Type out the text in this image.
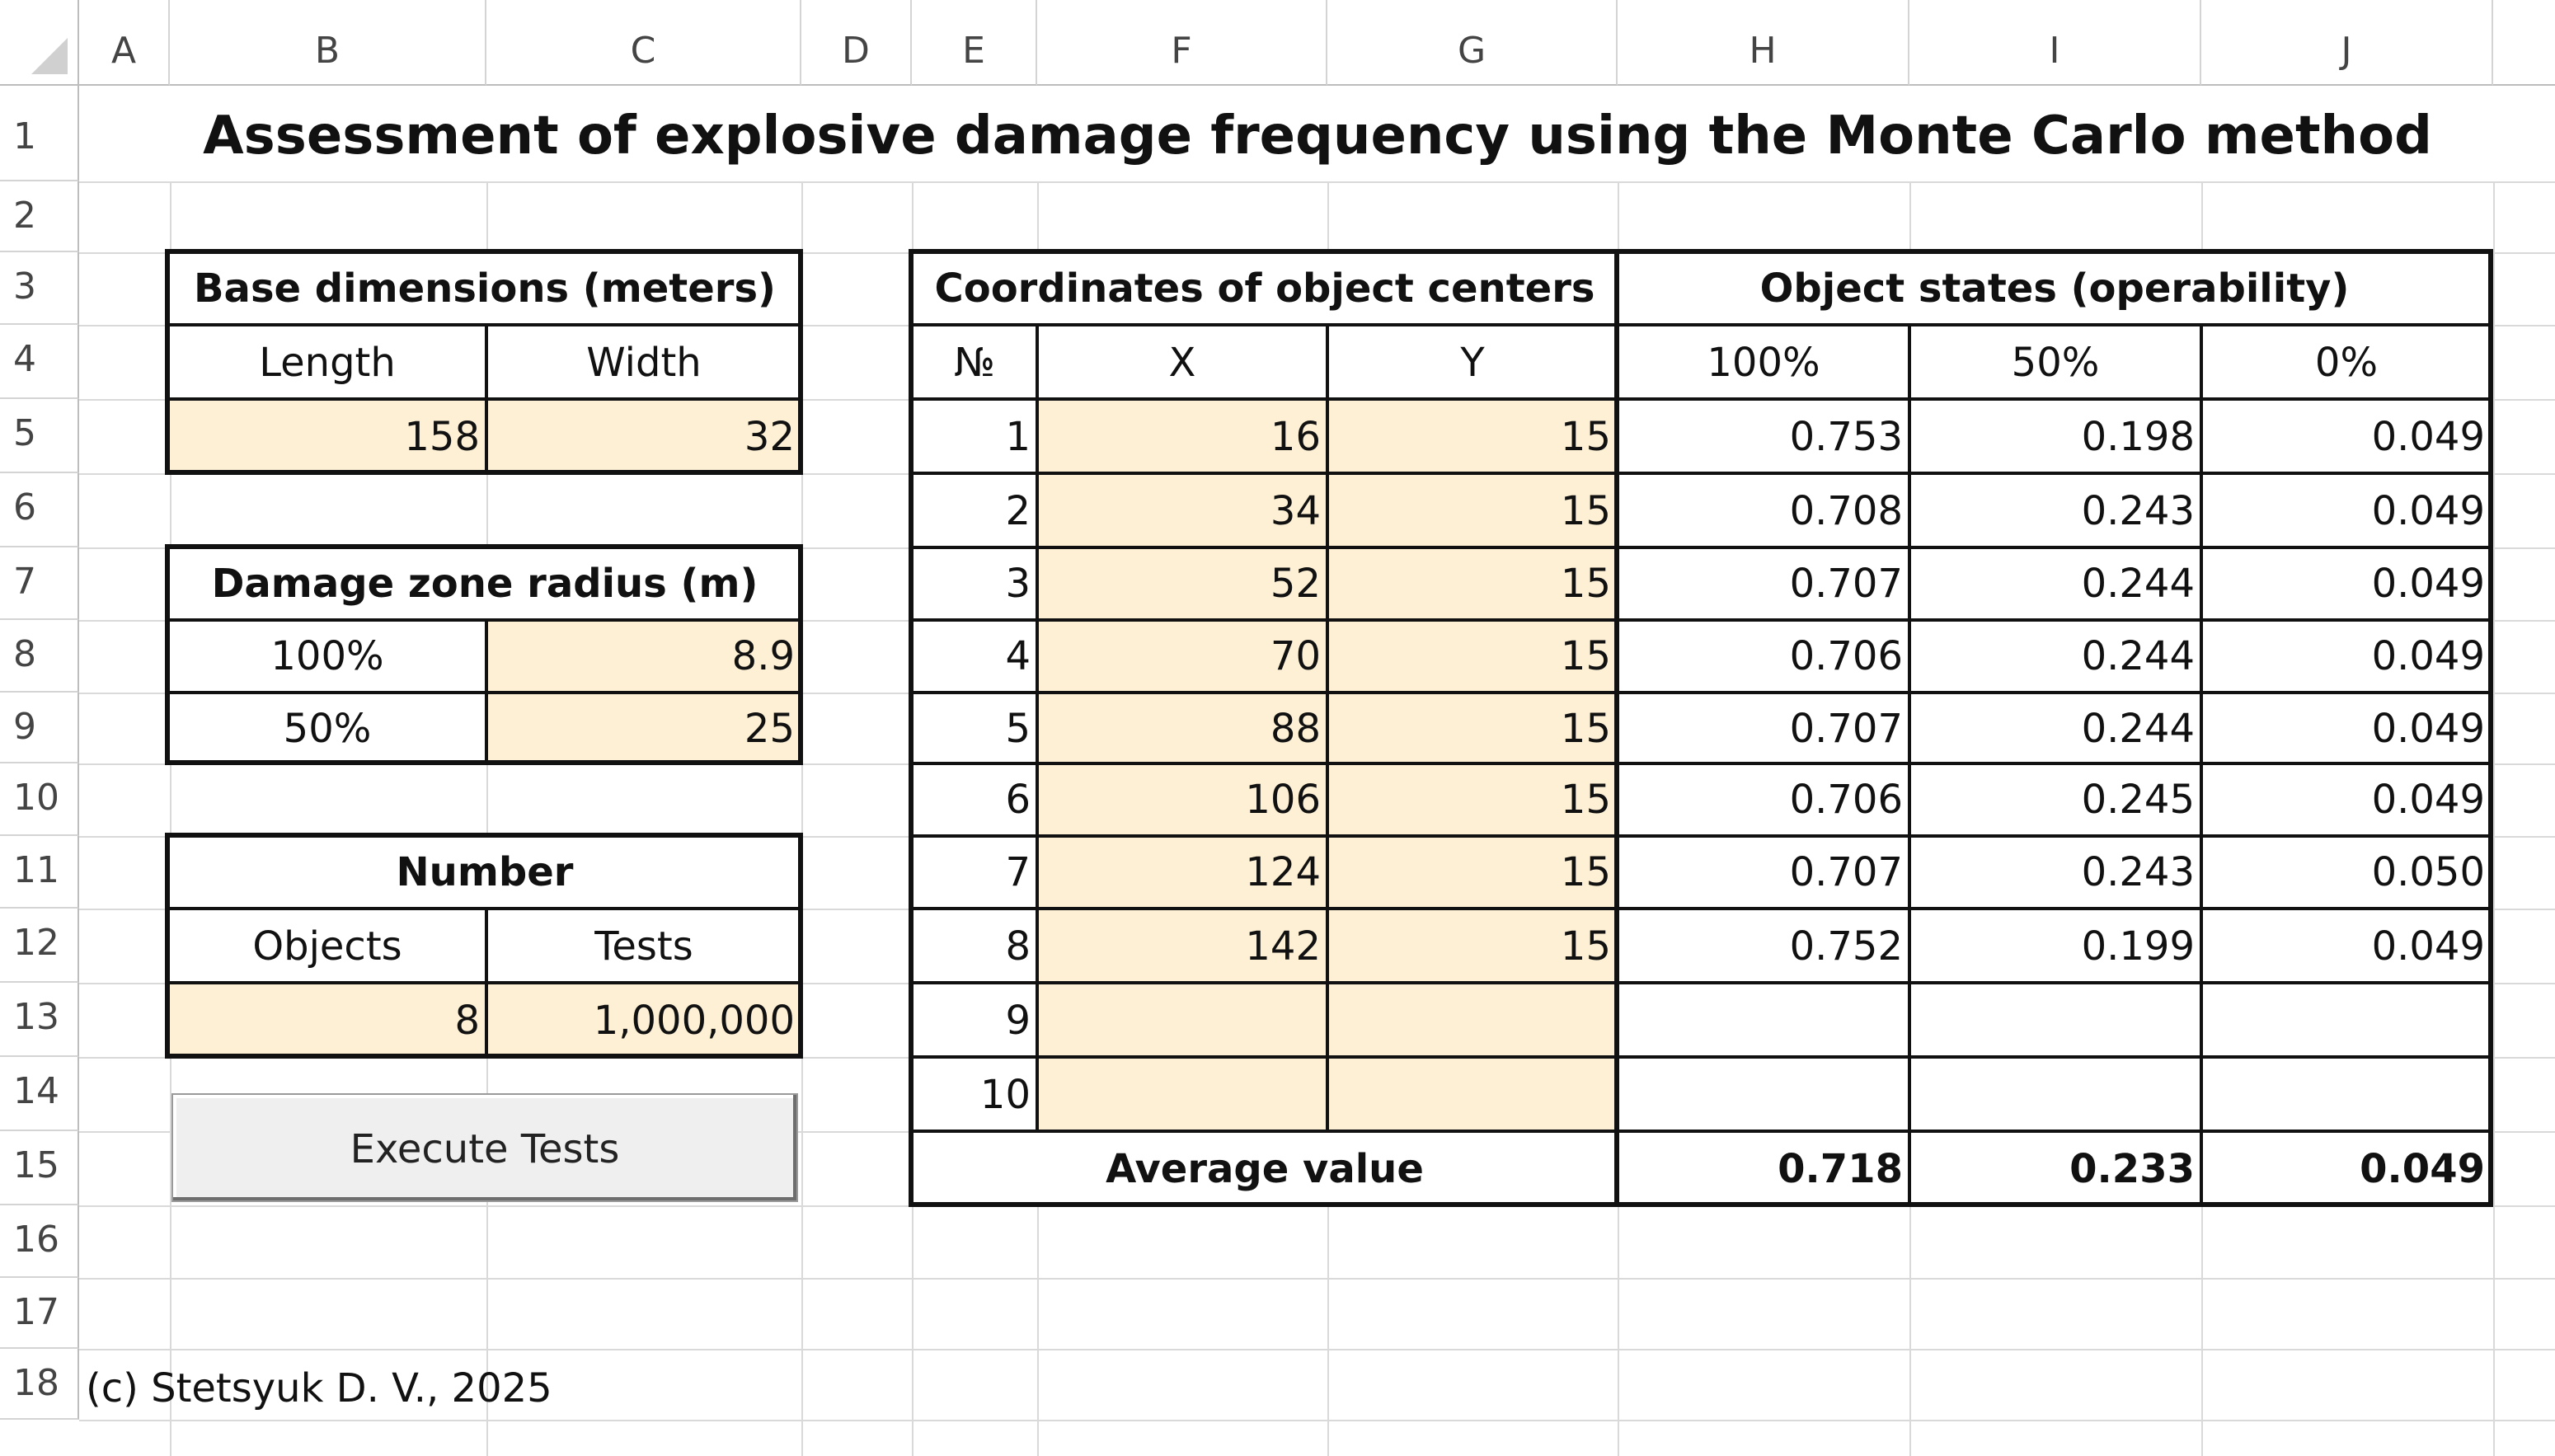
A	B	C	D	E	F	G	H	I	J
1
2
3
4
5
6
7
8
9
10
11
12
13
14
15
16
17
18
Assessment of explosive damage frequency using the Monte Carlo method
Base dimensions (meters)
Length	Width
158	32
Damage zone radius (m)
100%	8.9
50%	25
Number
Objects	Tests
8	1,000,000
Execute Tests
Coordinates of object centers	Object states (operability)
№	X	Y	100%	50%	0%
1	16	15	0.753	0.198	0.049
2	34	15	0.708	0.243	0.049
3	52	15	0.707	0.244	0.049
4	70	15	0.706	0.244	0.049
5	88	15	0.707	0.244	0.049
6	106	15	0.706	0.245	0.049
7	124	15	0.707	0.243	0.050
8	142	15	0.752	0.199	0.049
9
10
Average value	0.718	0.233	0.049
(c) Stetsyuk D. V., 2025
